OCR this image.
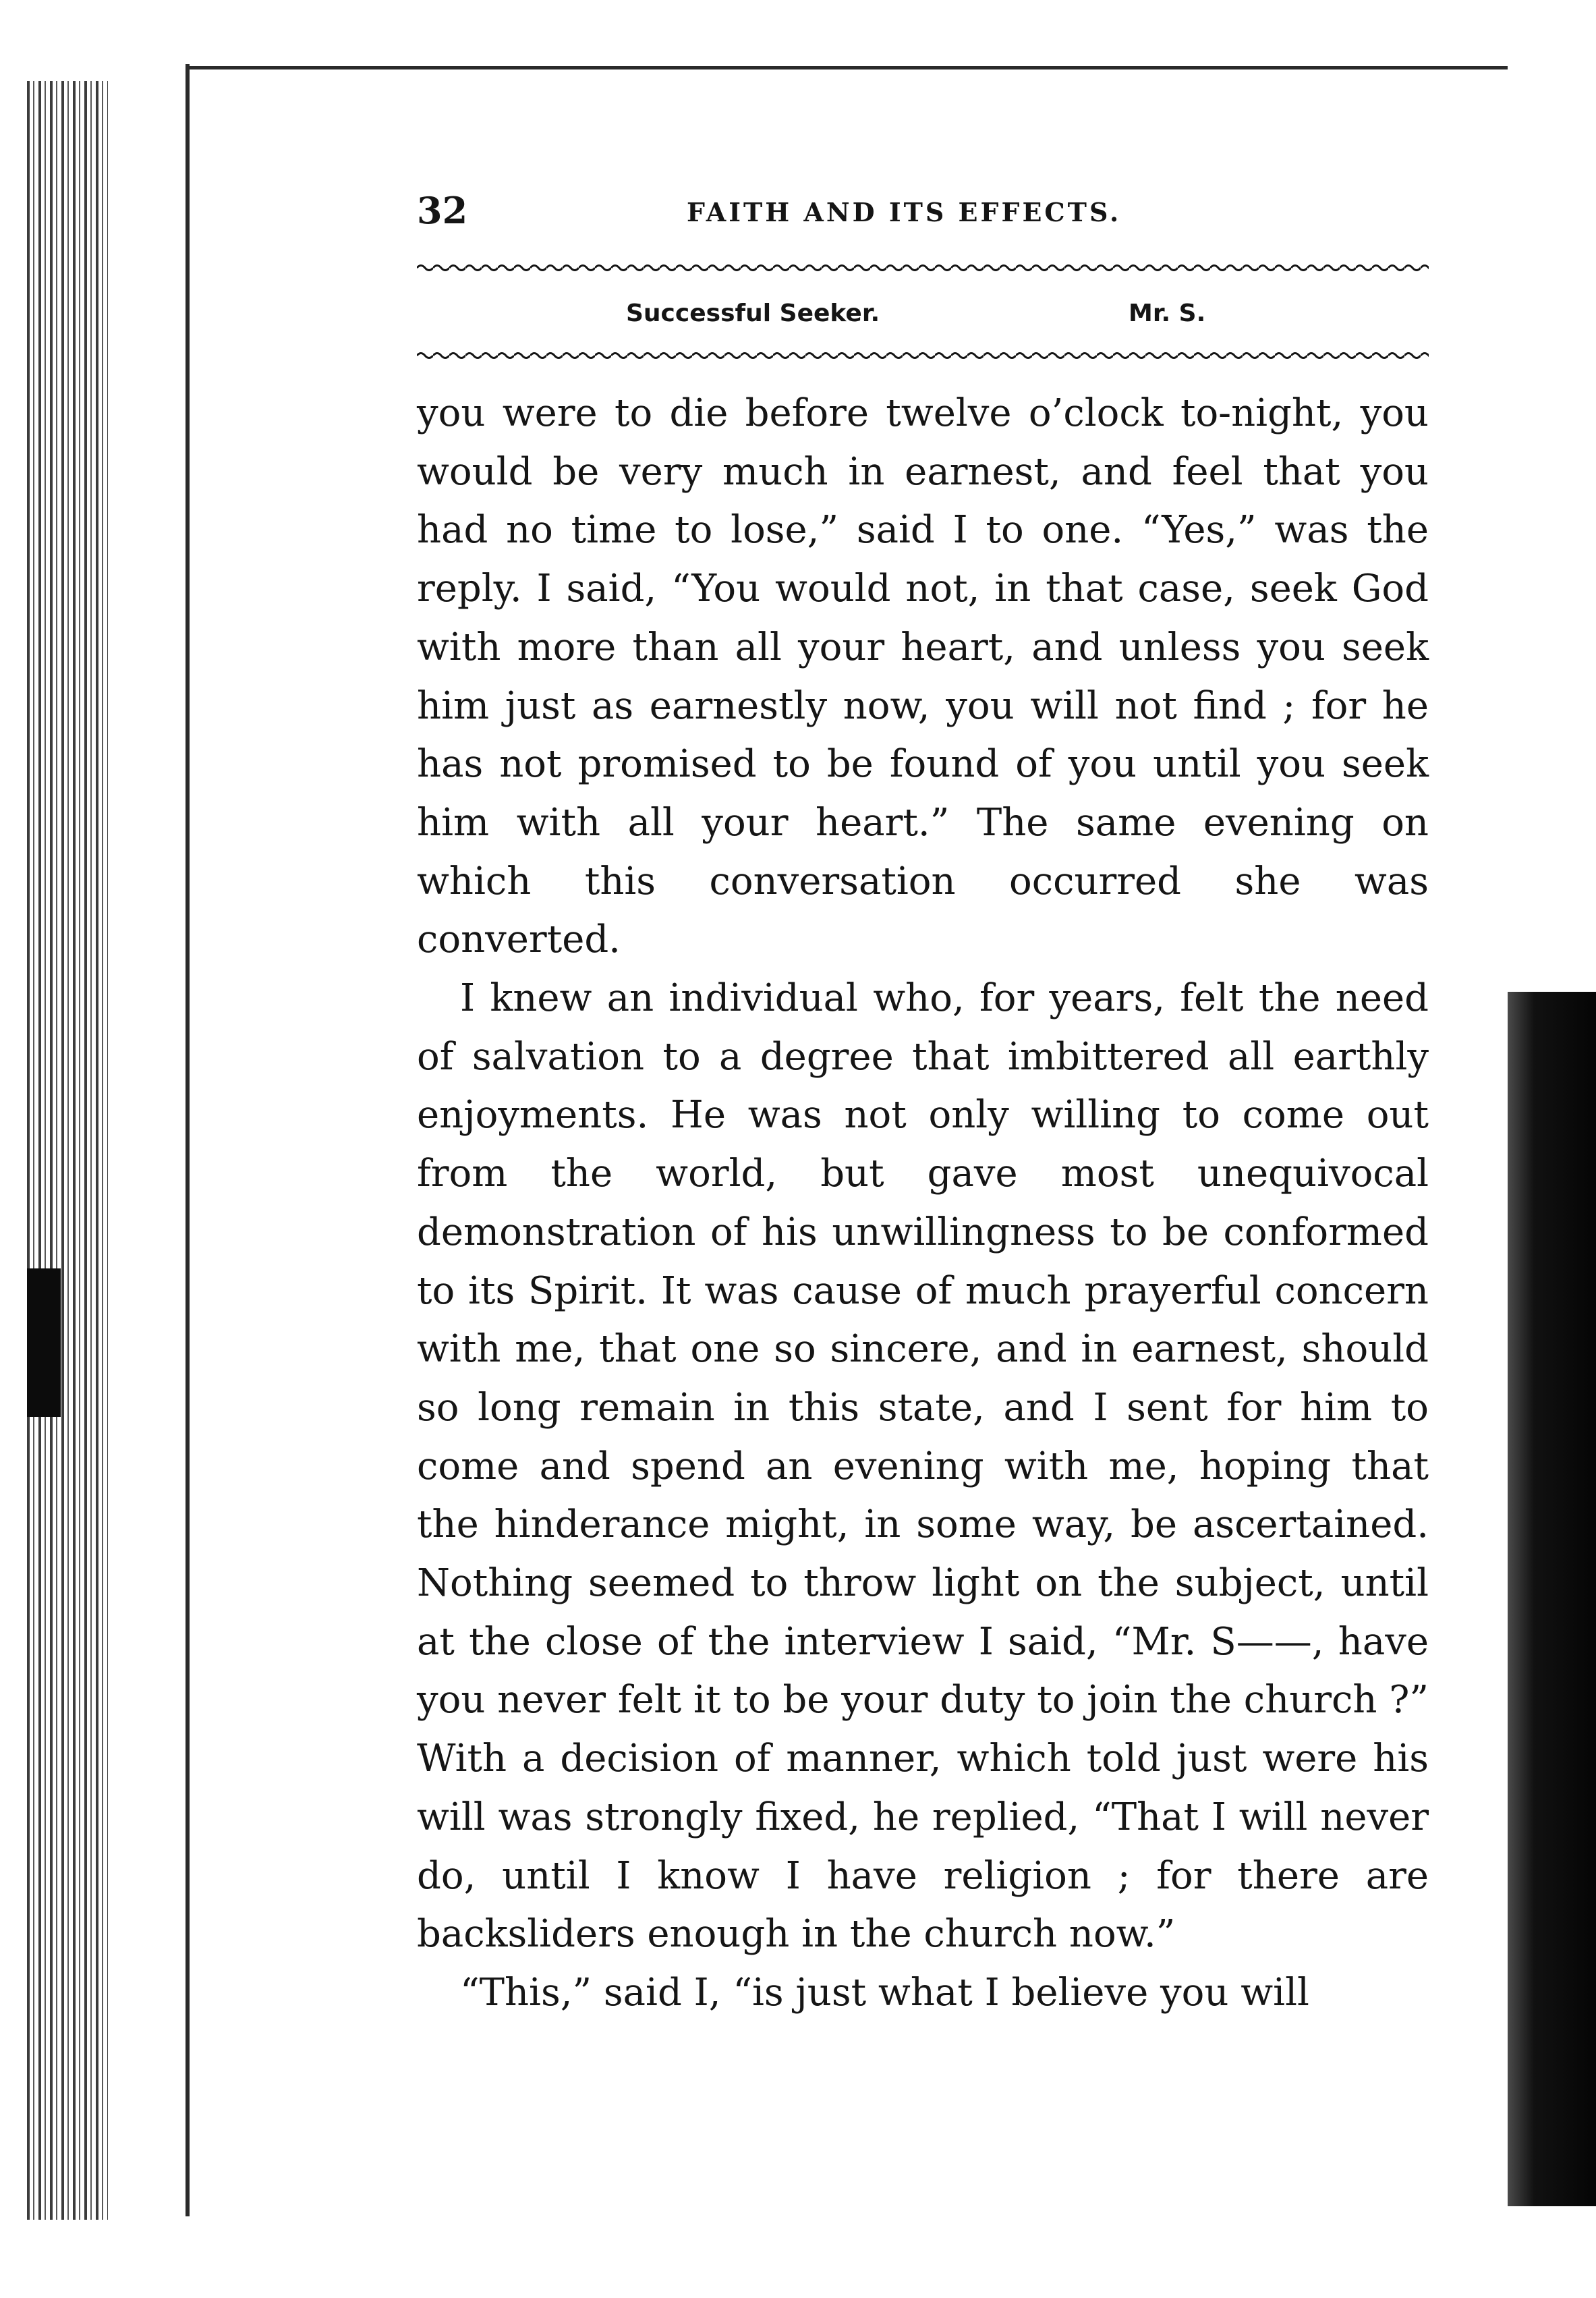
32	FAITH AND ITS EFFECTS.
Successful Seeker.	Mr. S.

you were to die before twelve o’clock to-night, you would be very much in earnest, and feel that you had no time to lose,” said I to one. “Yes,” was the reply. I said, “You would not, in that case, seek God with more than all your heart, and unless you seek him just as earnestly now, you will not find ; for he has not promised to be found of you until you seek him with all your heart.” The same evening on which this conversation occurred she was converted.

I knew an individual who, for years, felt the need of salvation to a degree that imbittered all earthly enjoyments. He was not only willing to come out from the world, but gave most unequivocal demonstration of his unwillingness to be conformed to its Spirit. It was cause of much prayerful concern with me, that one so sincere, and in earnest, should so long remain in this state, and I sent for him to come and spend an evening with me, hoping that the hinderance might, in some way, be ascertained. Nothing seemed to throw light on the subject, until at the close of the interview I said, “Mr. S——, have you never felt it to be your duty to join the church ?” With a decision of manner, which told just were his will was strongly fixed, he replied, “That I will never do, until I know I have religion ; for there are backsliders enough in the church now.”

“This,” said I, “is just what I believe you will
